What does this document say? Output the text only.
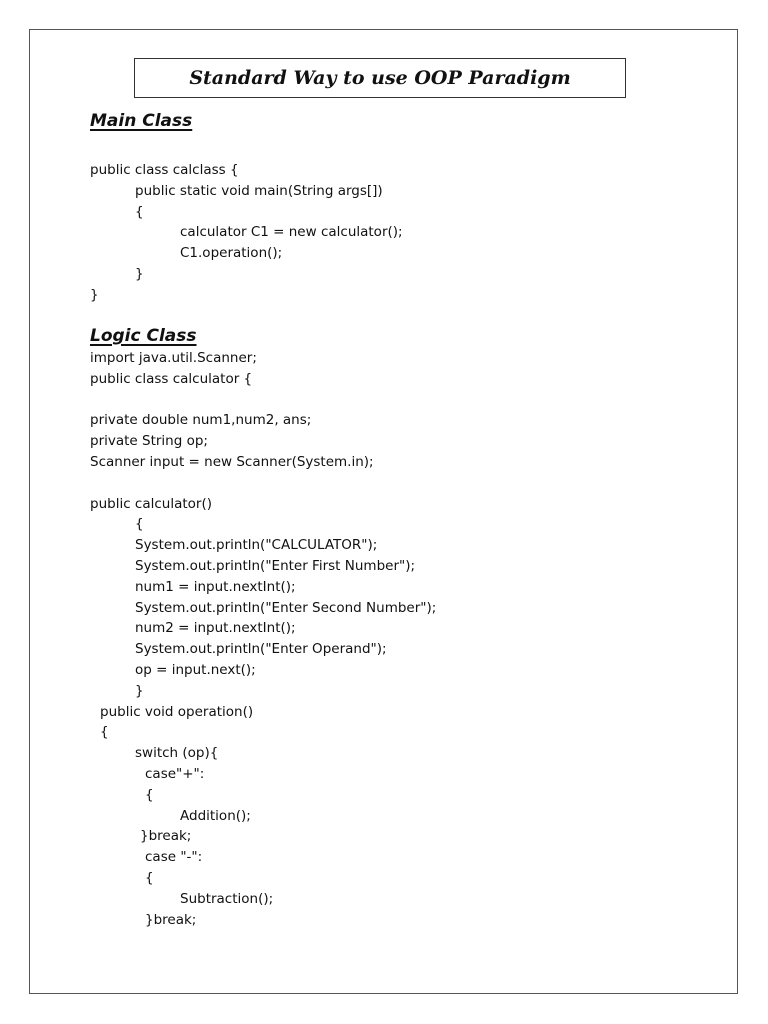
Standard Way to use OOP Paradigm
Main Class
public class calclass {
public static void main(String args[])
{
calculator C1 = new calculator();
C1.operation();
}
}
Logic Class
import java.util.Scanner;
public class calculator {
private double num1,num2, ans;
private String op;
Scanner input = new Scanner(System.in);
public calculator()
{
System.out.println("CALCULATOR");
System.out.println("Enter First Number");
num1 = input.nextInt();
System.out.println("Enter Second Number");
num2 = input.nextInt();
System.out.println("Enter Operand");
op = input.next();
}
public void operation()
{
switch (op){
case"+":
{
Addition();
}break;
case "-":
{
Subtraction();
}break;
